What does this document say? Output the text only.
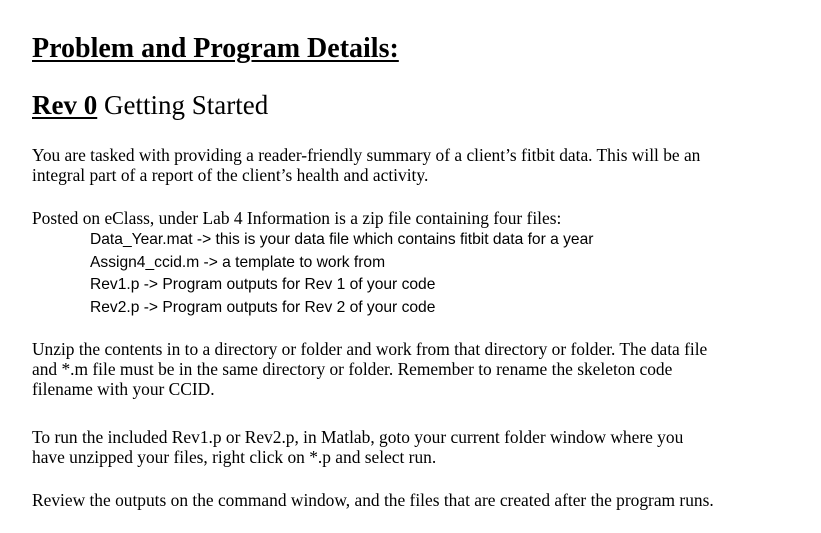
Problem and Program Details:
Rev 0 Getting Started

You are tasked with providing a reader-friendly summary of a client’s fitbit data. This will be an
integral part of a report of the client’s health and activity.

Posted on eClass, under Lab 4 Information is a zip file containing four files:

Data_Year.mat -> this is your data file which contains fitbit data for a year
Assign4_ccid.m -> a template to work from
Rev1.p -> Program outputs for Rev 1 of your code
Rev2.p -> Program outputs for Rev 2 of your code

Unzip the contents in to a directory or folder and work from that directory or folder. The data file
and *.m file must be in the same directory or folder. Remember to rename the skeleton code
filename with your CCID.

To run the included Rev1.p or Rev2.p, in Matlab, goto your current folder window where you
have unzipped your files, right click on *.p and select run.

Review the outputs on the command window, and the files that are created after the program runs.
